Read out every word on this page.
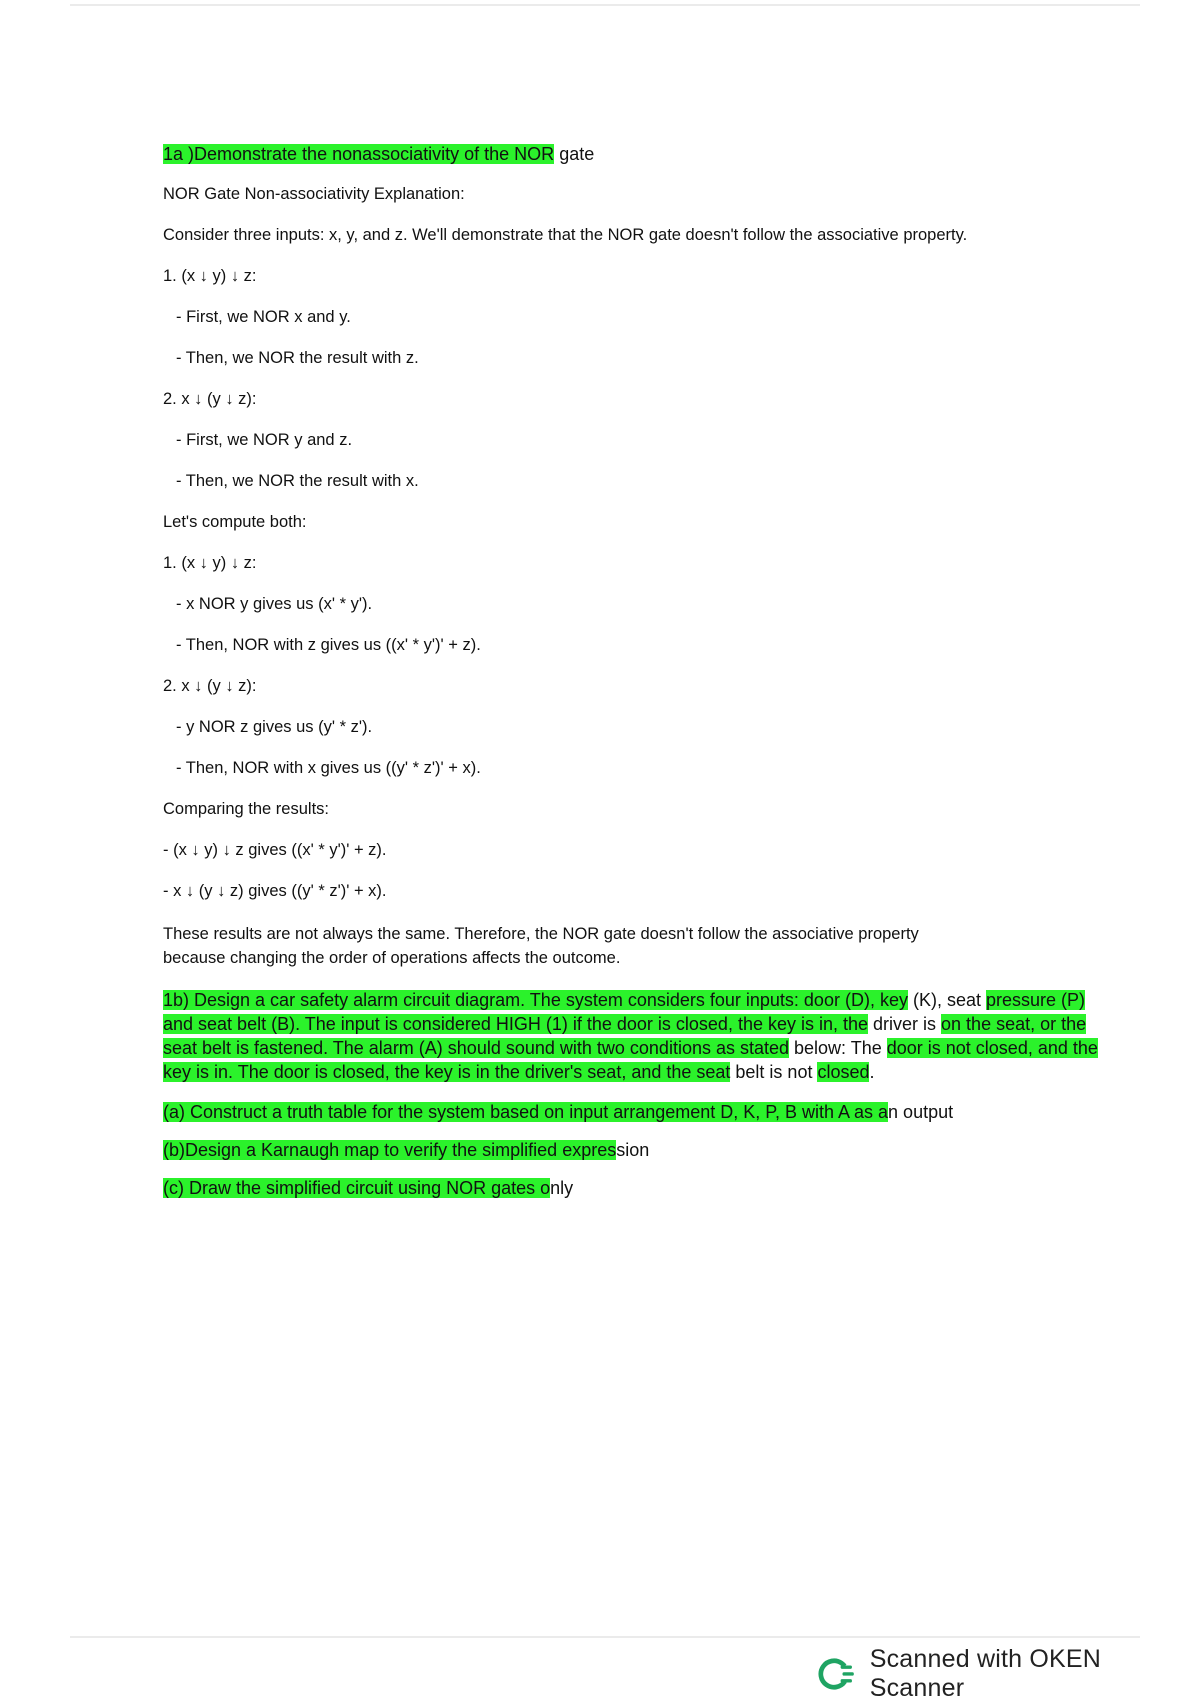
1a )Demonstrate the nonassociativity of the NOR gate

NOR Gate Non-associativity Explanation:

Consider three inputs: x, y, and z. We'll demonstrate that the NOR gate doesn't follow the associative property.

1. (x ↓ y) ↓ z:

- First, we NOR x and y.

- Then, we NOR the result with z.

2. x ↓ (y ↓ z):

- First, we NOR y and z.

- Then, we NOR the result with x.

Let's compute both:

1. (x ↓ y) ↓ z:

- x NOR y gives us (x' * y').

- Then, NOR with z gives us ((x' * y')' + z).

2. x ↓ (y ↓ z):

- y NOR z gives us (y' * z').

- Then, NOR with x gives us ((y' * z')' + x).

Comparing the results:

- (x ↓ y) ↓ z gives ((x' * y')' + z).

- x ↓ (y ↓ z) gives ((y' * z')' + x).

These results are not always the same. Therefore, the NOR gate doesn't follow the associative property because changing the order of operations affects the outcome.

1b) Design a car safety alarm circuit diagram. The system considers four inputs: door (D), key (K), seat pressure (P) and seat belt (B). The input is considered HIGH (1) if the door is closed, the key is in, the driver is on the seat, or the seat belt is fastened. The alarm (A) should sound with two conditions as stated below: The door is not closed, and the key is in. The door is closed, the key is in the driver's seat, and the seat belt is not closed.

(a) Construct a truth table for the system based on input arrangement D, K, P, B with A as an output

(b)Design a Karnaugh map to verify the simplified expression

(c) Draw the simplified circuit using NOR gates only

Scanned with OKEN Scanner
